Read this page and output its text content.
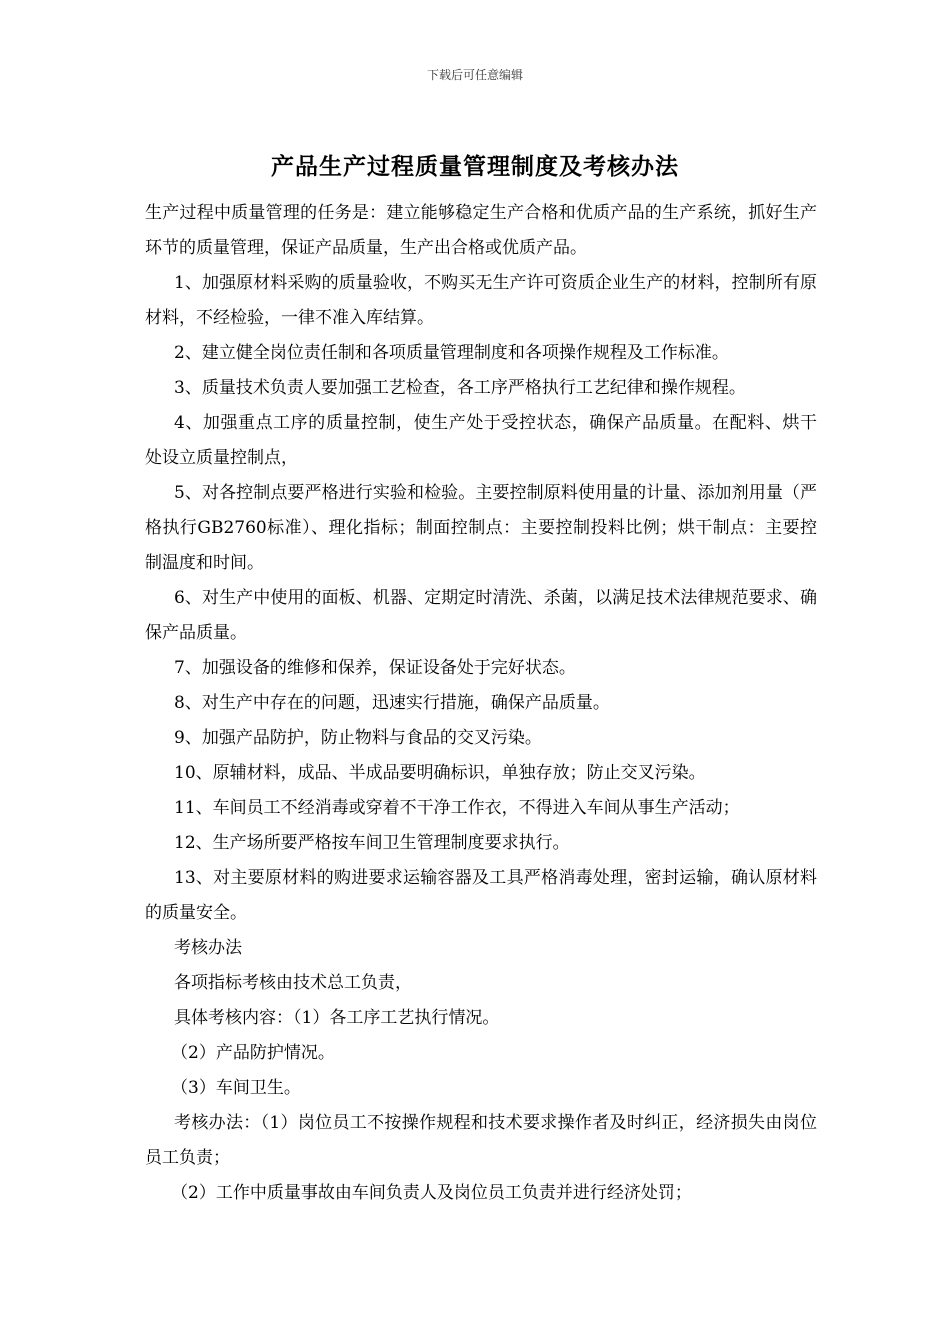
下载后可任意编辑
产品生产过程质量管理制度及考核办法

生产过程中质量管理的任务是：建立能够稳定生产合格和优质产品的生产系统，抓好生产环节的质量管理，保证产品质量，生产出合格或优质产品。

1、加强原材料采购的质量验收，不购买无生产许可资质企业生产的材料，控制所有原材料，不经检验，一律不准入库结算。

2、建立健全岗位责任制和各项质量管理制度和各项操作规程及工作标准。

3、质量技术负责人要加强工艺检查，各工序严格执行工艺纪律和操作规程。

4、加强重点工序的质量控制，使生产处于受控状态，确保产品质量。在配料、烘干 处设立质量控制点，

5、对各控制点要严格进行实验和检验。主要控制原料使用量的计量、添加剂用量（严格执行GB2760标准）、理化指标；制面控制点：主要控制投料比例；烘干制点：主要控制温度和时间。

6、对生产中使用的面板、机器、定期定时清洗、杀菌，以满足技术法律规范要求、确保产品质量。

7、加强设备的维修和保养，保证设备处于完好状态。

8、对生产中存在的问题，迅速实行措施，确保产品质量。

9、加强产品防护，防止物料与食品的交叉污染。

10、原辅材料，成品、半成品要明确标识，单独存放；防止交叉污染。

11、车间员工不经消毒或穿着不干净工作衣，不得进入车间从事生产活动；

12、生产场所要严格按车间卫生管理制度要求执行。

13、对主要原材料的购进要求运输容器及工具严格消毒处理，密封运输，确认原材料的质量安全。

考核办法

各项指标考核由技术总工负责，

具体考核内容：（1）各工序工艺执行情况。

（2）产品防护情况。

（3）车间卫生。

考核办法：（1）岗位员工不按操作规程和技术要求操作者及时纠正，经济损失由岗位员工负责；

（2）工作中质量事故由车间负责人及岗位员工负责并进行经济处罚；
